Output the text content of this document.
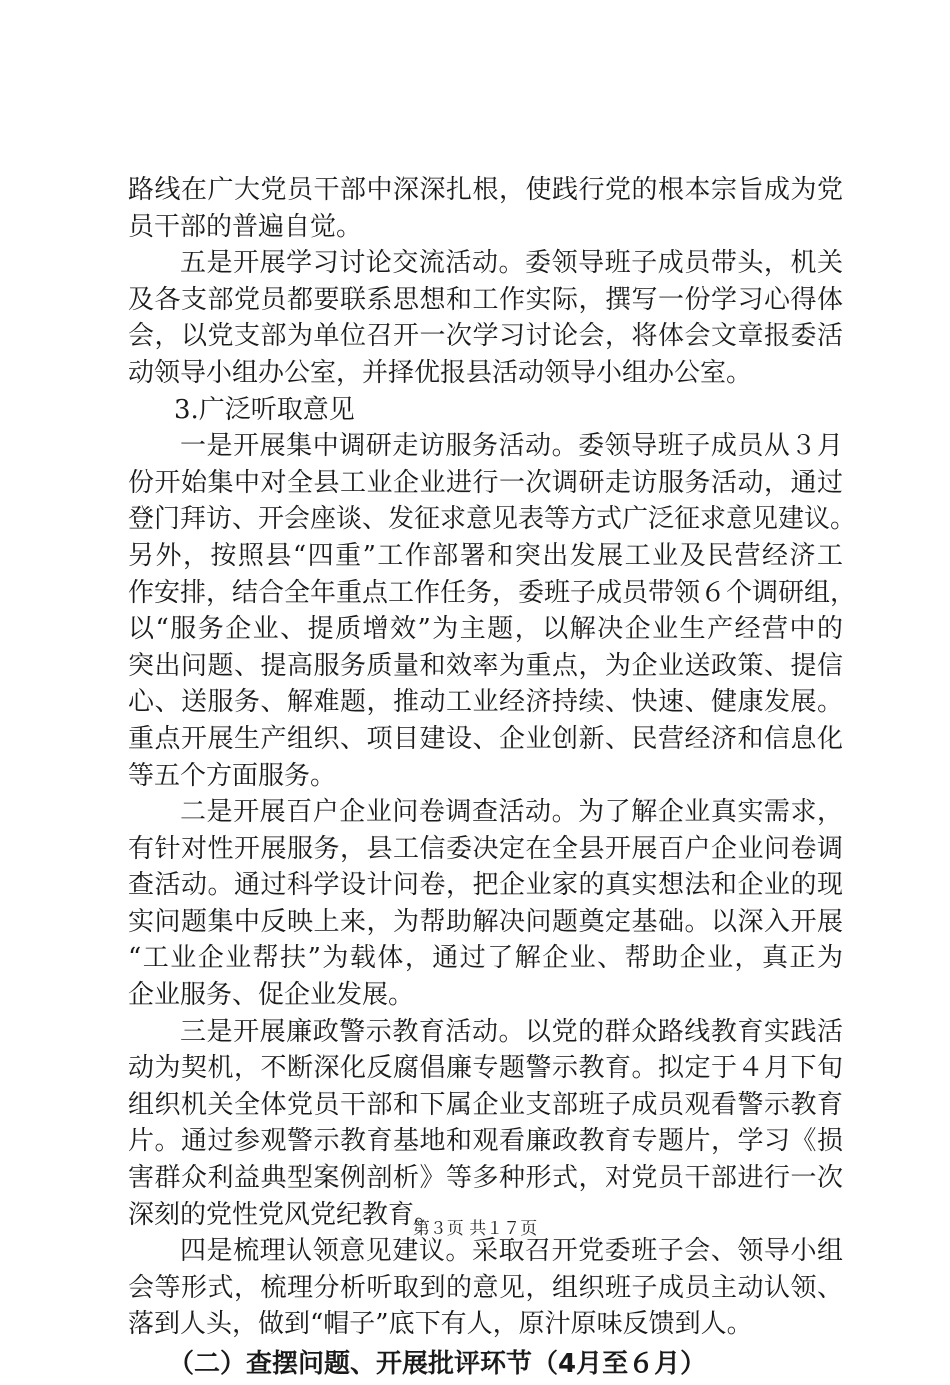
路线在广大党员干部中深深扎根，使践行党的根本宗旨成为党
员干部的普遍自觉。
五是开展学习讨论交流活动。委领导班子成员带头，机关
及各支部党员都要联系思想和工作实际，撰写一份学习心得体
会，以党支部为单位召开一次学习讨论会，将体会文章报委活
动领导小组办公室，并择优报县活动领导小组办公室。
3.广泛听取意见
一是开展集中调研走访服务活动。委领导班子成员从３月
份开始集中对全县工业企业进行一次调研走访服务活动，通过
登门拜访、开会座谈、发征求意见表等方式广泛征求意见建议。
另外，按照县“四重”工作部署和突出发展工业及民营经济工
作安排，结合全年重点工作任务，委班子成员带领６个调研组，
以“服务企业、提质增效”为主题，以解决企业生产经营中的
突出问题、提高服务质量和效率为重点，为企业送政策、提信
心、送服务、解难题，推动工业经济持续、快速、健康发展。
重点开展生产组织、项目建设、企业创新、民营经济和信息化
等五个方面服务。
二是开展百户企业问卷调查活动。为了解企业真实需求，
有针对性开展服务，县工信委决定在全县开展百户企业问卷调
查活动。通过科学设计问卷，把企业家的真实想法和企业的现
实问题集中反映上来，为帮助解决问题奠定基础。以深入开展
“工业企业帮扶”为载体，通过了解企业、帮助企业，真正为
企业服务、促企业发展。
三是开展廉政警示教育活动。以党的群众路线教育实践活
动为契机，不断深化反腐倡廉专题警示教育。拟定于４月下旬
组织机关全体党员干部和下属企业支部班子成员观看警示教育
片。通过参观警示教育基地和观看廉政教育专题片，学习《损
害群众利益典型案例剖析》等多种形式，对党员干部进行一次
深刻的党性党风党纪教育。
四是梳理认领意见建议。采取召开党委班子会、领导小组
会等形式，梳理分析听取到的意见，组织班子成员主动认领、
落到人头，做到“帽子”底下有人，原汁原味反馈到人。
（二）查摆问题、开展批评环节（4月至６月）
第３页 共１７页
